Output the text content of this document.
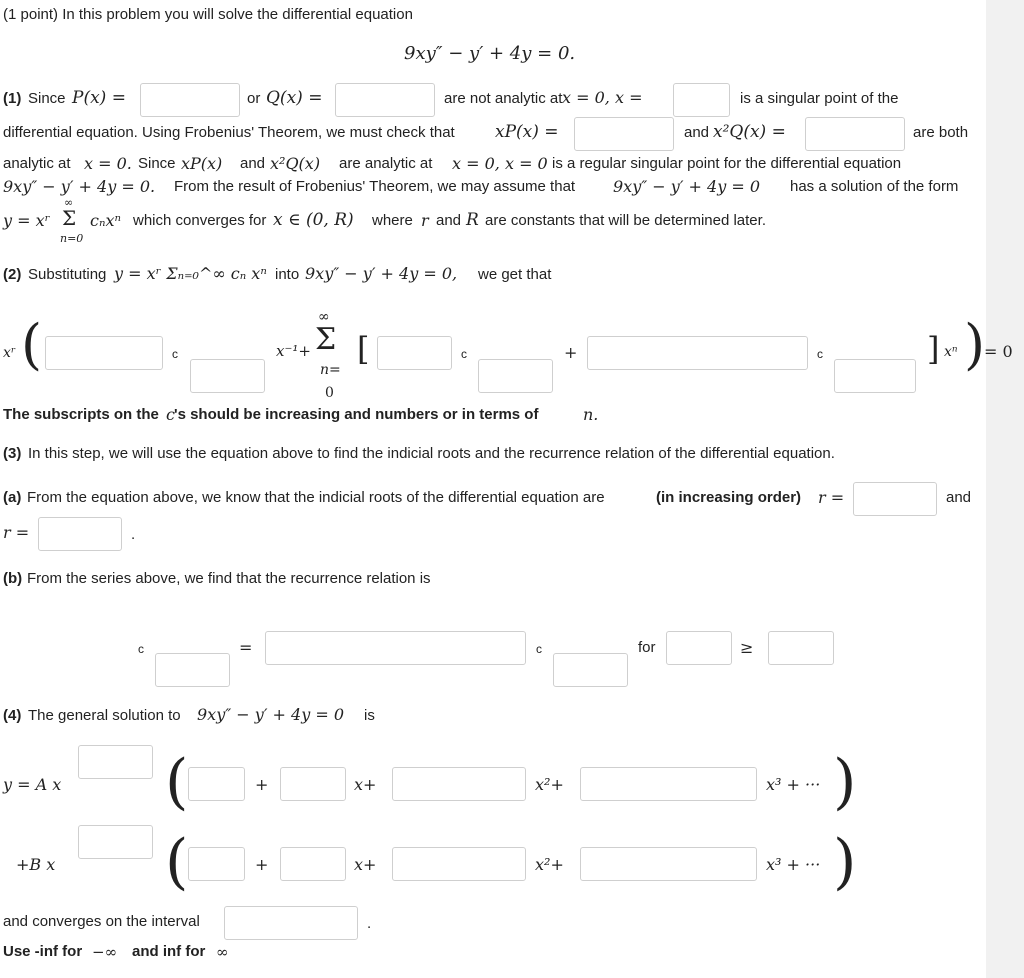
(1 point) In this problem you will solve the differential equation
9xy″ − y′ + 4y = 0.
(1) Since P(x) =	or Q(x) =	are not analytic at x = 0, x =	is a singular point of the
differential equation. Using Frobenius' Theorem, we must check that xP(x) =	and x²Q(x) =	are both
analytic at x = 0. Since xP(x) and x²Q(x) are analytic at x = 0, x = 0 is a regular singular point for the differential equation
9xy″ − y′ + 4y = 0. From the result of Frobenius' Theorem, we may assume that 9xy″ − y′ + 4y = 0 has a solution of the form
y = xʳ
∞
Σ
n=0
cₙxⁿ which converges for x ∈ (0, R) where r and R are constants that will be determined later.
(2) Substituting y = xʳ Σₙ₌₀^∞ cₙ xⁿ into 9xy″ − y′ + 4y = 0, we get that
xʳ (	c	x⁻¹+
∞
Σ
n=
0
[	c	+	c	] xⁿ )
= 0
The subscripts on the c 's should be increasing and numbers or in terms of	n.
(3) In this step, we will use the equation above to find the indicial roots and the recurrence relation of the differential equation.
(a) From the equation above, we know that the indicial roots of the differential equation are	(in increasing order) r =	and
r =	.
(b) From the series above, we find that the recurrence relation is
c	=	c	for	≥
(4) The general solution to 9xy″ − y′ + 4y = 0 is
y = A x (	+	x+	x²+	x³ + ··· )
+B x (	+	x+	x²+	x³ + ··· )
and converges on the interval	.
Use -inf for −∞ and inf for ∞
